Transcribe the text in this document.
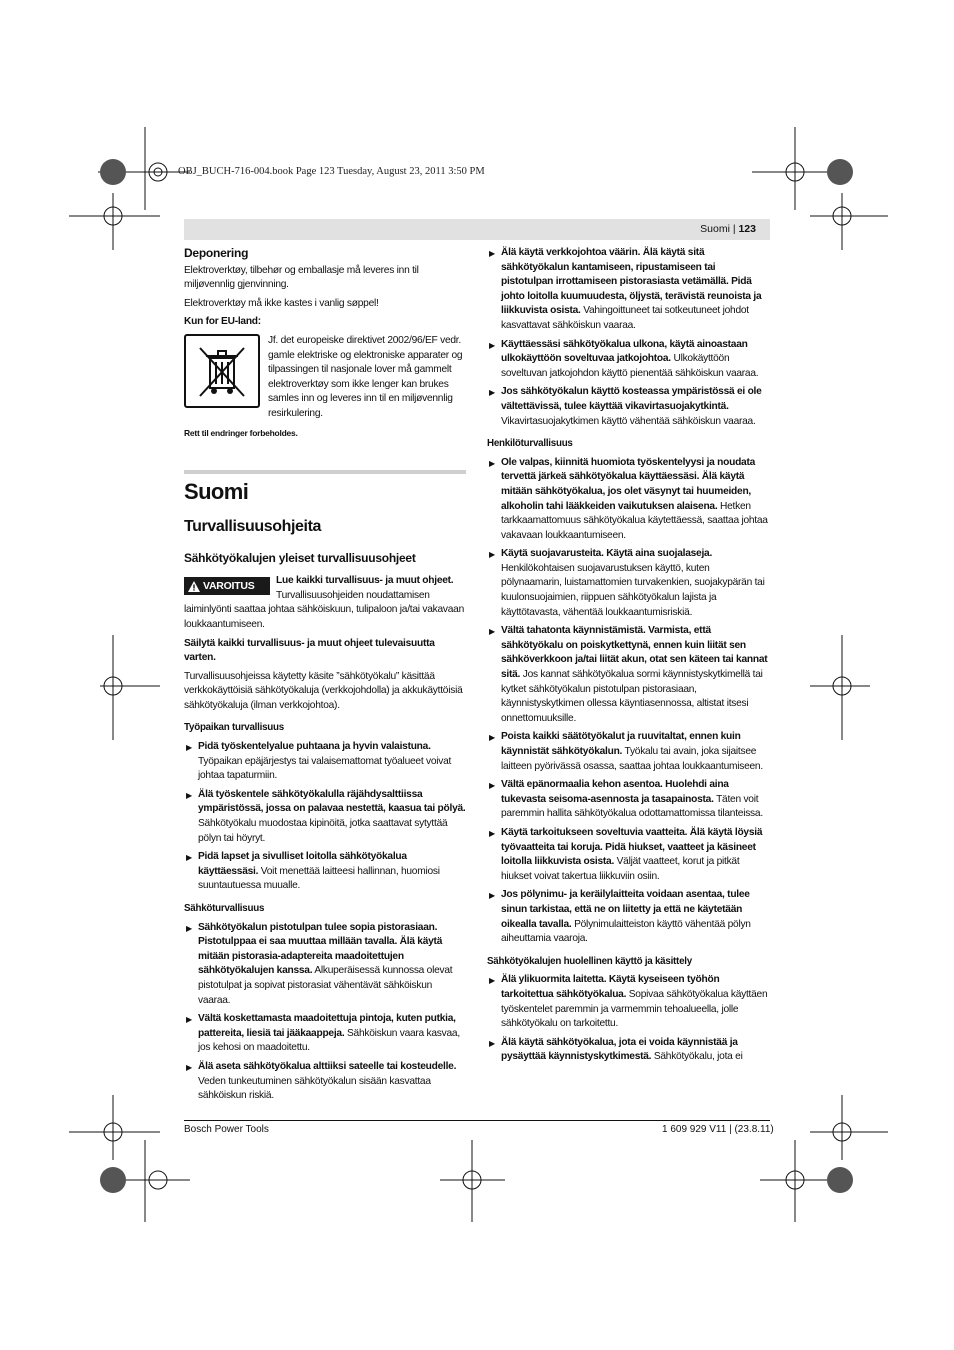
OBJ_BUCH-716-004.book Page 123 Tuesday, August 23, 2011 3:50 PM
Suomi | 123

Deponering

Elektroverktøy, tilbehør og emballasje må leveres inn til miljøvennlig gjenvinning.

Elektroverktøy må ikke kastes i vanlig søppel!

Kun for EU-land:

Jf. det europeiske direktivet 2002/96/EF vedr. gamle elektriske og elektroniske apparater og tilpassingen til nasjonale lover må gammelt elektroverktøy som ikke lenger kan brukes samles inn og leveres inn til en miljøvennlig resirkulering.

Rett til endringer forbeholdes.

Suomi
Turvallisuusohjeita
Sähkötyökalujen yleiset turvallisuusohjeet

VAROITUS Lue kaikki turvallisuus- ja muut ohjeet. Turvallisuusohjeiden noudattamisen laiminlyönti saattaa johtaa sähköiskuun, tulipaloon ja/tai vakavaan loukkaantumiseen.

Säilytä kaikki turvallisuus- ja muut ohjeet tulevaisuutta varten.

Turvallisuusohjeissa käytetty käsite ”sähkötyökalu” käsittää verkkokäyttöisiä sähkötyökaluja (verkkojohdolla) ja akkukäyttöisiä sähkötyökaluja (ilman verkkojohtoa).

Työpaikan turvallisuus

▶ Pidä työskentelyalue puhtaana ja hyvin valaistuna. Työpaikan epäjärjestys tai valaisemattomat työalueet voivat johtaa tapaturmiin.
▶ Älä työskentele sähkötyökalulla räjähdysalttiissa ympäristössä, jossa on palavaa nestettä, kaasua tai pölyä. Sähkötyökalu muodostaa kipinöitä, jotka saattavat sytyttää pölyn tai höyryt.
▶ Pidä lapset ja sivulliset loitolla sähkötyökalua käyttäessäsi. Voit menettää laitteesi hallinnan, huomiosi suuntautuessa muualle.

Sähköturvallisuus

▶ Sähkötyökalun pistotulpan tulee sopia pistorasiaan. Pistotulppaa ei saa muuttaa millään tavalla. Älä käytä mitään pistorasia-adaptereita maadoitettujen sähkötyökalujen kanssa. Alkuperäisessä kunnossa olevat pistotulpat ja sopivat pistorasiat vähentävät sähköiskun vaaraa.
▶ Vältä koskettamasta maadoitettuja pintoja, kuten putkia, pattereita, liesiä tai jääkaappeja. Sähköiskun vaara kasvaa, jos kehosi on maadoitettu.
▶ Älä aseta sähkötyökalua alttiiksi sateelle tai kosteudelle. Veden tunkeutuminen sähkötyökalun sisään kasvattaa sähköiskun riskiä.
▶ Älä käytä verkkojohtoa väärin. Älä käytä sitä sähkötyökalun kantamiseen, ripustamiseen tai pistotulpan irrottamiseen pistorasiasta vetämällä. Pidä johto loitolla kuumuudesta, öljystä, terävistä reunoista ja liikkuvista osista. Vahingoittuneet tai sotkeutuneet johdot kasvattavat sähköiskun vaaraa.
▶ Käyttäessäsi sähkötyökalua ulkona, käytä ainoastaan ulkokäyttöön soveltuvaa jatkojohtoa. Ulkokäyttöön soveltuvan jatkojohdon käyttö pienentää sähköiskun vaaraa.
▶ Jos sähkötyökalun käyttö kosteassa ympäristössä ei ole vältettävissä, tulee käyttää vikavirtasuojakytkintä. Vikavirtasuojakytkimen käyttö vähentää sähköiskun vaaraa.

Henkilöturvallisuus

▶ Ole valpas, kiinnitä huomiota työskentelyysi ja noudata tervettä järkeä sähkötyökalua käyttäessäsi. Älä käytä mitään sähkötyökalua, jos olet väsynyt tai huumeiden, alkoholin tahi lääkkeiden vaikutuksen alaisena. Hetken tarkkaamattomuus sähkötyökalua käytettäessä, saattaa johtaa vakavaan loukkaantumiseen.
▶ Käytä suojavarusteita. Käytä aina suojalaseja. Henkilökohtaisen suojavarustuksen käyttö, kuten pölynaamarin, luistamattomien turvakenkien, suojakypärän tai kuulonsuojaimien, riippuen sähkötyökalun lajista ja käyttötavasta, vähentää loukkaantumisriskiä.
▶ Vältä tahatonta käynnistämistä. Varmista, että sähkötyökalu on poiskytkettynä, ennen kuin liität sen sähköverkkoon ja/tai liität akun, otat sen käteen tai kannat sitä. Jos kannat sähkötyökalua sormi käynnistyskytkimellä tai kytket sähkötyökalun pistotulpan pistorasiaan, käynnistyskytkimen ollessa käyntiasennossa, altistat itsesi onnettomuuksille.
▶ Poista kaikki säätötyökalut ja ruuvitaltat, ennen kuin käynnistät sähkötyökalun. Työkalu tai avain, joka sijaitsee laitteen pyörivässä osassa, saattaa johtaa loukkaantumiseen.
▶ Vältä epänormaalia kehon asentoa. Huolehdi aina tukevasta seisoma-asennosta ja tasapainosta. Täten voit paremmin hallita sähkötyökalua odottamattomissa tilanteissa.
▶ Käytä tarkoitukseen soveltuvia vaatteita. Älä käytä löysiä työvaatteita tai koruja. Pidä hiukset, vaatteet ja käsineet loitolla liikkuvista osista. Väljät vaatteet, korut ja pitkät hiukset voivat takertua liikkuviin osiin.
▶ Jos pölynimu- ja keräilylaitteita voidaan asentaa, tulee sinun tarkistaa, että ne on liitetty ja että ne käytetään oikealla tavalla. Pölynimulaitteiston käyttö vähentää pölyn aiheuttamia vaaroja.

Sähkötyökalujen huolellinen käyttö ja käsittely

▶ Älä ylikuormita laitetta. Käytä kyseiseen työhön tarkoitettua sähkötyökalua. Sopivaa sähkötyökalua käyttäen työskentelet paremmin ja varmemmin tehoalueella, jolle sähkötyökalu on tarkoitettu.
▶ Älä käytä sähkötyökalua, jota ei voida käynnistää ja pysäyttää käynnistyskytkimestä. Sähkötyökalu, jota ei
Bosch Power Tools	1 609 929 V11 | (23.8.11)
